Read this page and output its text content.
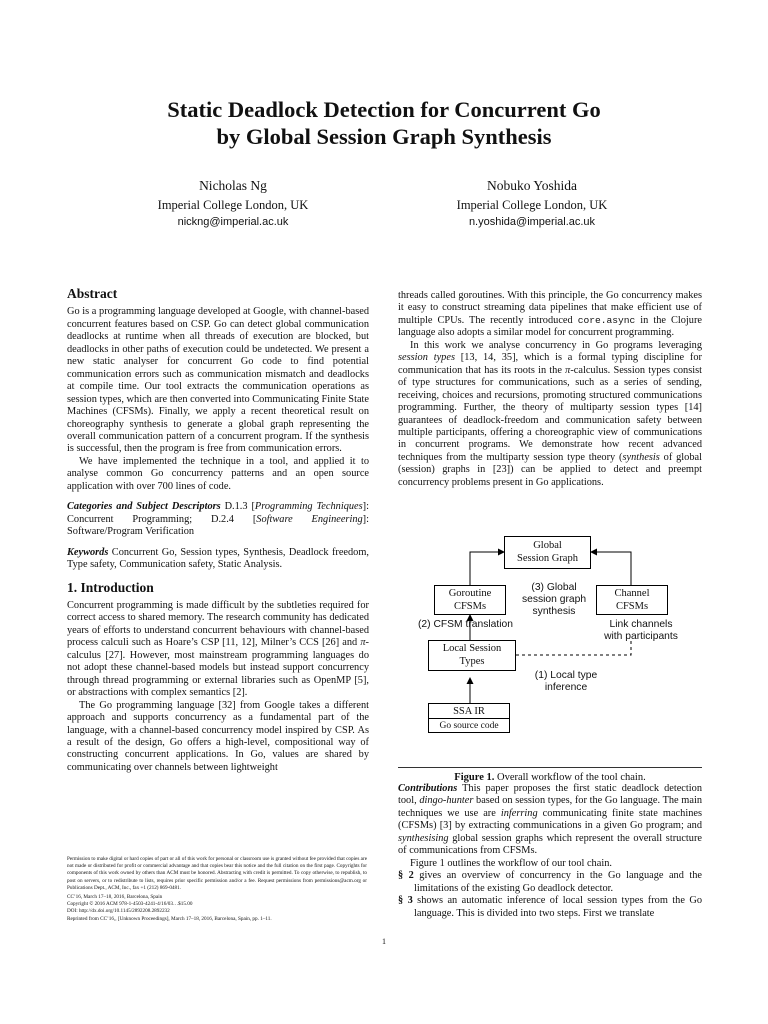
Static Deadlock Detection for Concurrent Go
by Global Session Graph Synthesis
Nicholas Ng
Imperial College London, UK
nickng@imperial.ac.uk
Nobuko Yoshida
Imperial College London, UK
n.yoshida@imperial.ac.uk
Abstract

Go is a programming language developed at Google, with channel-based concurrent features based on CSP. Go can detect global communication deadlocks at runtime when all threads of execution are blocked, but deadlocks in other paths of execution could be undetected. We present a new static analyser for concurrent Go code to find potential communication errors such as communication mismatch and deadlocks at compile time. Our tool extracts the communication operations as session types, which are then converted into Communicating Finite State Machines (CFSMs). Finally, we apply a recent theoretical result on choreography synthesis to generate a global graph representing the overall communication pattern of a concurrent program. If the synthesis is successful, then the program is free from communication errors.

We have implemented the technique in a tool, and applied it to analyse common Go concurrency patterns and an open source application with over 700 lines of code.

Categories and Subject Descriptors D.1.3 [Programming Techniques]: Concurrent Programming; D.2.4 [Software Engineering]: Software/Program Verification

Keywords Concurrent Go, Session types, Synthesis, Deadlock freedom, Type safety, Communication safety, Static Analysis.

1. Introduction

Concurrent programming is made difficult by the subtleties required for correct access to shared memory. The research community has dedicated years of efforts to understand concurrent behaviours with channel-based process calculi such as Hoare’s CSP [11, 12], Milner’s CCS [26] and π-calculus [27]. However, most mainstream programming languages do not adopt these channel-based models but instead support concurrency through thread programming or external libraries such as OpenMP [5], or abstractions with complex semantics [2].

The Go programming language [32] from Google takes a different approach and supports concurrency as a fundamental part of the language, with a channel-based concurrency model inspired by CSP. As a result of the design, Go offers a high-level, compositional way of constructing concurrent applications. In Go, values are shared by communicating over channels between lightweight

Permission to make digital or hard copies of part or all of this work for personal or classroom use is granted without fee provided that copies are not made or distributed for profit or commercial advantage and that copies bear this notice and the full citation on the first page. Copyrights for components of this work owned by others than ACM must be honored. Abstracting with credit is permitted. To copy otherwise, to republish, to post on servers, or to redistribute to lists, requires prior specific permission and/or a fee. Request permissions from permissions@acm.org or Publications Dept., ACM, Inc., fax +1 (212) 869-0481.
CC’16, March 17–18, 2016, Barcelona, Spain
Copyright © 2016 ACM 978-1-4503-4241-4/16/03…$15.00
DOI: http://dx.doi.org/10.1145/2892208.2892232
Reprinted from CC’16,, [Unknown Proceedings], March 17–18, 2016, Barcelona, Spain, pp. 1–11.

threads called goroutines. With this principle, the Go concurrency makes it easy to construct streaming data pipelines that make efficient use of multiple CPUs. The recently introduced core.async in the Clojure language also adopts a similar model for concurrent programming.

In this work we analyse concurrency in Go programs leveraging session types [13, 14, 35], which is a formal typing discipline for communication that has its roots in the π-calculus. Session types consist of type structures for communications, such as a series of sending, receiving, choices and recursions, promoting structured communications programming. Further, the theory of multiparty session types [14] guarantees of deadlock-freedom and communication safety between multiple participants, offering a choreographic view of communications in concurrent programs. We demonstrate how recent advanced techniques from the multiparty session type theory (synthesis of global (session) graphs in [23]) can be applied to detect and preempt concurrency problems present in Go applications.

Global
Session Graph
Goroutine
CFSMs
Channel
CFSMs
(3) Global
session graph
synthesis
(2) CFSM translation	Link channels
with participants
Local Session
Types
(1) Local type
inference
SSA IR
Go source code
Figure 1. Overall workflow of the tool chain.

Contributions This paper proposes the first static deadlock detection tool, dingo-hunter based on session types, for the Go language. The main techniques we use are inferring communicating finite state machines (CFSMs) [3] by extracting communications in a given Go program; and synthesising global session graphs which represent the overall structure of communications from CFSMs.

Figure 1 outlines the workflow of our tool chain.

§ 2 gives an overview of concurrency in the Go language and the limitations of the existing Go deadlock detector.

§ 3 shows an automatic inference of local session types from the Go language. This is divided into two steps. First we translate

1
